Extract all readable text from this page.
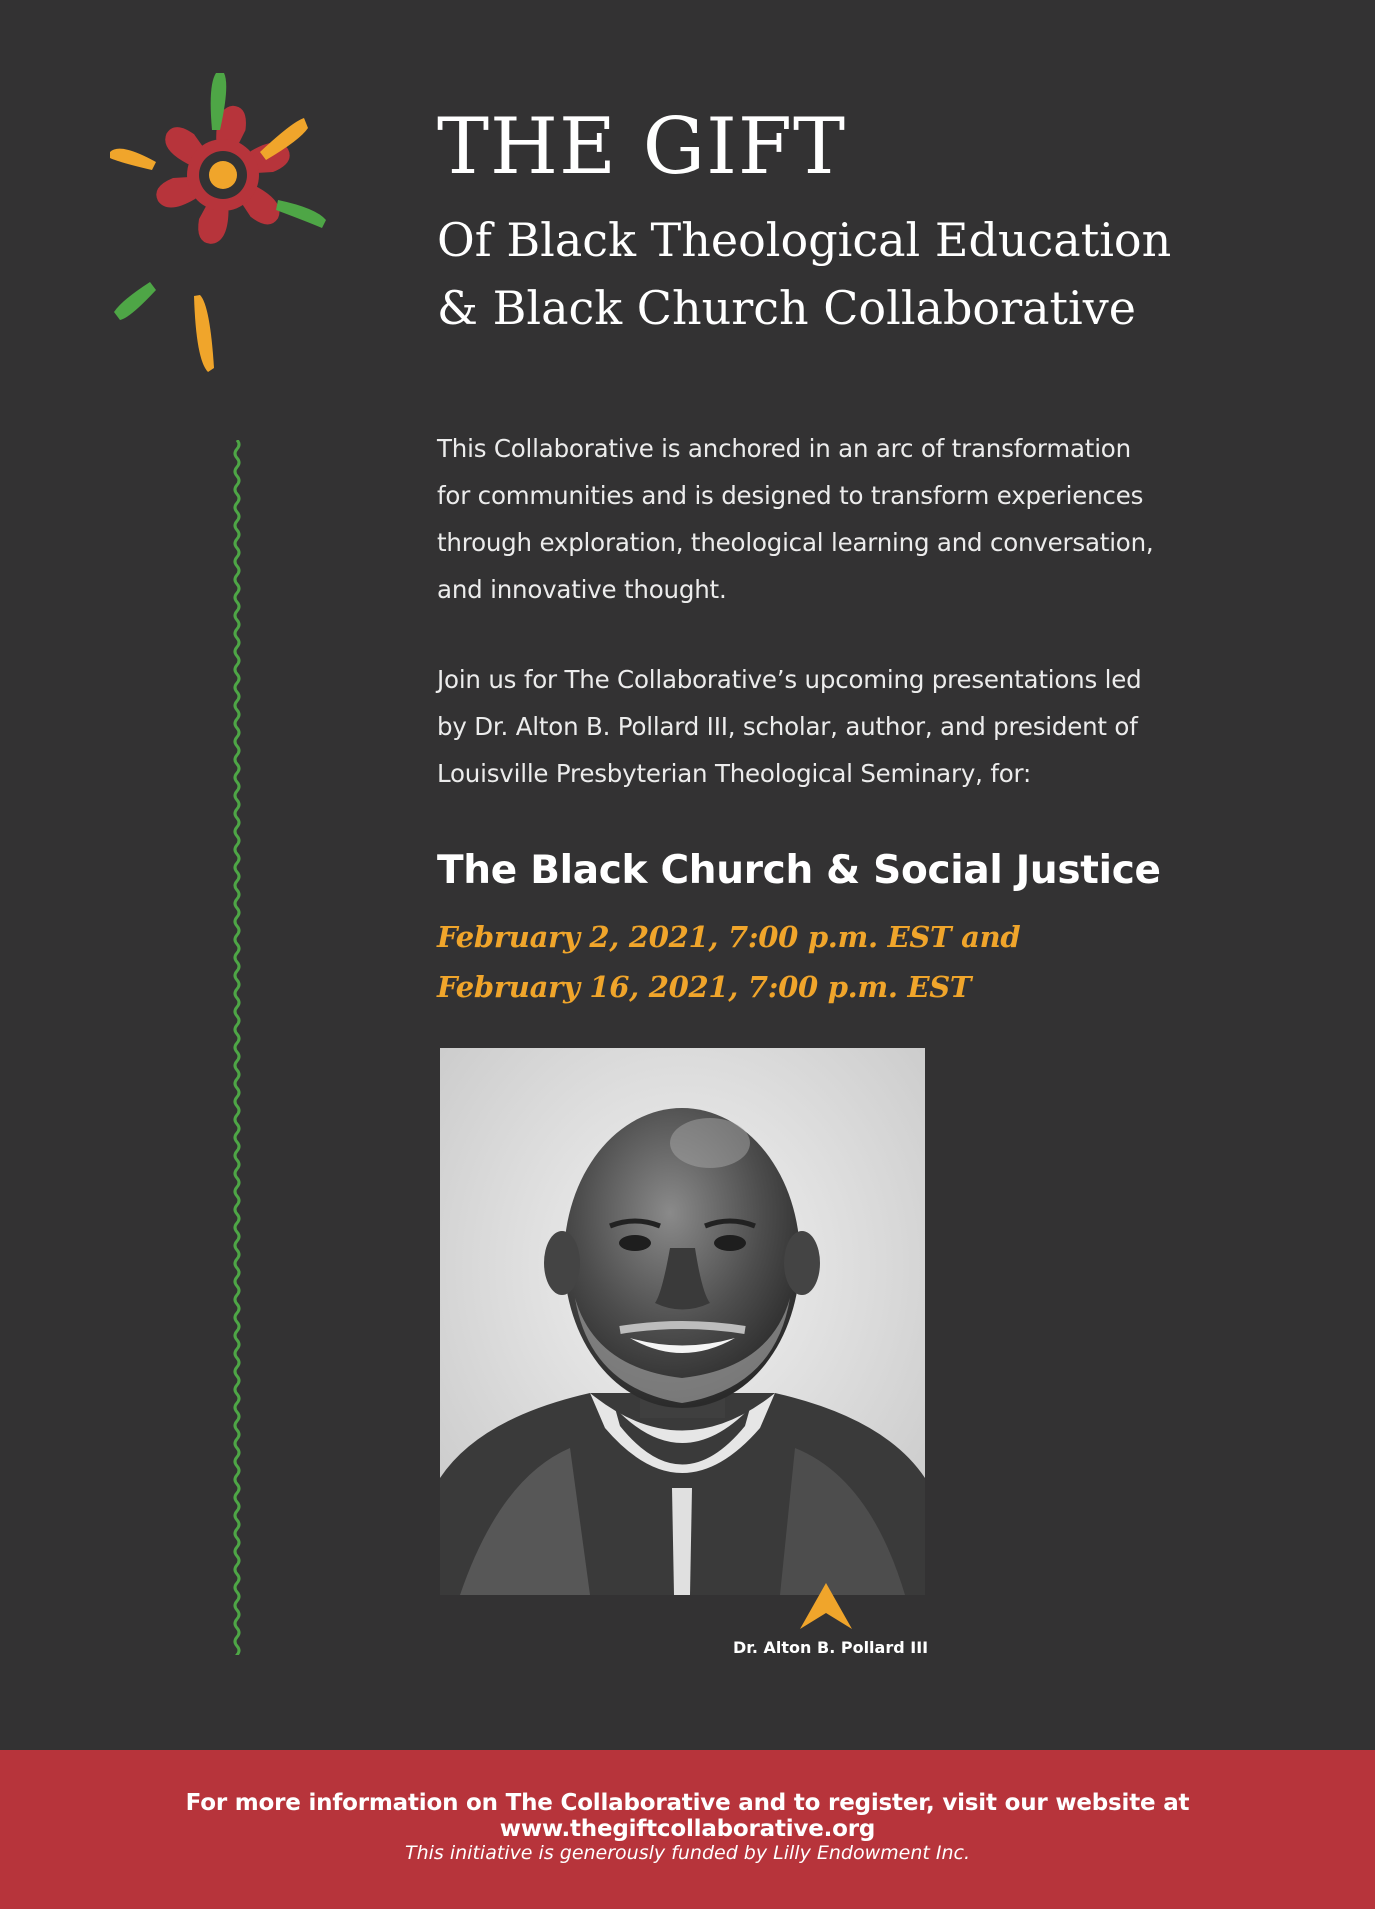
THE GIFT
Of Black Theological Education
& Black Church Collaborative
This Collaborative is anchored in an arc of transformation
for communities and is designed to transform experiences
through exploration, theological learning and conversation,
and innovative thought.
Join us for The Collaborative’s upcoming presentations led
by Dr. Alton B. Pollard III, scholar, author, and president of
Louisville Presbyterian Theological Seminary, for:
The Black Church & Social Justice

February 2, 2021, 7:00 p.m. EST and

February 16, 2021, 7:00 p.m. EST

Dr. Alton B. Pollard III

For more information on The Collaborative and to register, visit our website at www.thegiftcollaborative.org

This initiative is generously funded by Lilly Endowment Inc.
